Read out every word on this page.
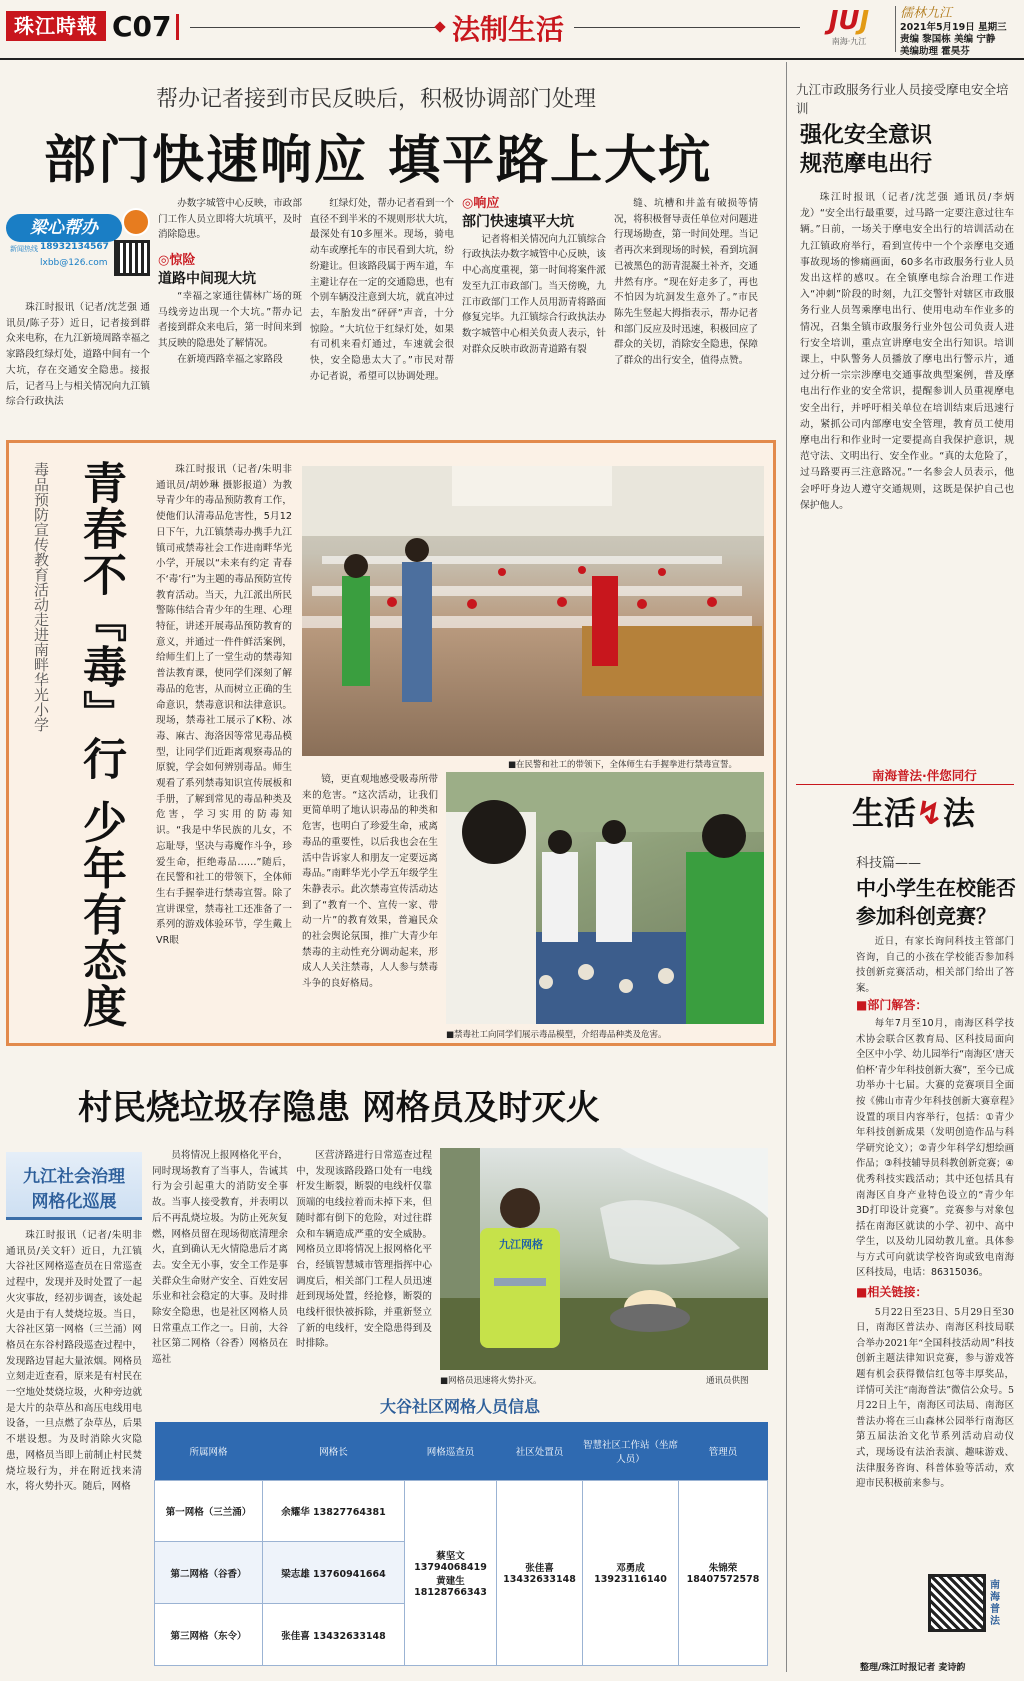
珠江時報 C07	法制生活	JUJ
南海·九江
儒林九江
2021年5月19日 星期三
责编 黎国栋 美编 宁静
美编助理 霍昊芬
帮办记者接到市民反映后，积极协调部门处理
部门快速响应 填平路上大坑
梁心帮办
新闻热线 18932134567
lxbb@126.com

珠江时报讯（记者/沈芝强 通讯员/陈子芬）近日，记者接到群众来电称，在九江新境周路幸福之家路段红绿灯处，道路中间有一个大坑，存在交通安全隐患。接报后，记者马上与相关情况向九江镇综合行政执法

办数字城管中心反映，市政部门工作人员立即将大坑填平，及时消除隐患。

◎惊险
道路中间现大坑

“幸福之家通往儒林广场的斑马线旁边出现一个大坑。”帮办记者接到群众来电后，第一时间来到其反映的隐患处了解情况。

在新境西路幸福之家路段

红绿灯处，帮办记者看到一个直径不到半米的不规则形状大坑，最深处有10多厘米。现场，骑电动车或摩托车的市民看到大坑，纷纷避让。但该路段属于两车道，车主避让存在一定的交通隐患，也有个别车辆没注意到大坑，就直冲过去，车胎发出“砰砰”声音，十分惊险。“大坑位于红绿灯处，如果有司机来看灯通过，车速就会很快，安全隐患太大了。”市民对帮办记者说，希望可以协调处理。

◎响应
部门快速填平大坑

记者将相关情况向九江镇综合行政执法办数字城管中心反映，该中心高度重视，第一时间将案件派发至九江市政部门。当天傍晚，九江市政部门工作人员用沥青将路面修复完毕。九江镇综合行政执法办数字城管中心相关负责人表示，针对群众反映市政沥青道路有裂

缝、坑槽和井盖有破损等情况，将积极督导责任单位对问题进行现场勘查，第一时间处理。当记者再次来到现场的时候，看到坑洞已被黑色的沥青混凝土补齐，交通井然有序。“现在好走多了，再也不怕因为坑洞发生意外了。”市民陈先生竖起大拇指表示，帮办记者和部门反应及时迅速，积极回应了群众的关切，消除安全隐患，保障了群众的出行安全，值得点赞。

九江市政服务行业人员接受摩电安全培训
强化安全意识
规范摩电出行

珠江时报讯（记者/沈芝强 通讯员/李炳龙）“安全出行最重要，过马路一定要注意过往车辆。”日前，一场关于摩电安全出行的培训活动在九江镇政府举行，看到宣传中一个个亲摩电交通事故现场的惨痛画面，60多名市政服务行业人员发出这样的感叹。在全镇摩电综合治理工作进入“冲刺”阶段的时刻，九江交警针对辖区市政服务行业人员驾乘摩电出行、使用电动车作业多的情况，召集全镇市政服务行业外包公司负责人进行安全培训，重点宣讲摩电安全出行知识。培训课上，中队警务人员播放了摩电出行警示片，通过分析一宗宗涉摩电交通事故典型案例，普及摩电出行作业的安全常识，提醒参训人员重视摩电安全出行，并呼吁相关单位在培训结束后迅速行动，紧抓公司内部摩电安全管理，教育员工使用摩电出行和作业时一定要提高自我保护意识，规范守法、文明出行、安全作业。“真的太危险了，过马路要再三注意路况。”一名参会人员表示，他会呼吁身边人遵守交通规则，这既是保护自己也保护他人。

青春不『毒』行 少年有态度
毒品预防宣传教育活动走进南畔华光小学	珠江时报讯（记者/朱明非 通讯员/胡妙琳 摄影报道）为教导青少年的毒品预防教育工作，使他们认清毒品危害性，5月12日下午，九江镇禁毒办携手九江镇司戒禁毒社会工作进南畔华光小学，开展以“未来有约定 青春不‘毒’行”为主题的毒品预防宣传教育活动。当天，九江派出所民警陈伟结合青少年的生理、心理特征，讲述开展毒品预防教育的意义，并通过一件件鲜活案例，给师生们上了一堂生动的禁毒知普法教育课，使同学们深刻了解毒品的危害，从而树立正确的生命意识，禁毒意识和法律意识。现场，禁毒社工展示了K粉、冰毒、麻古、海洛因等常见毒品模型，让同学们近距离观察毒品的原貌，学会如何辨别毒品。师生观看了系列禁毒知识宣传展板和手册，了解到常见的毒品种类及危害，学习实用的防毒知识。“我是中华民族的儿女，不忘耻辱，坚决与毒魔作斗争，珍爱生命，拒绝毒品……”随后，在民警和社工的带领下，全体师生右手握拳进行禁毒宣誓。除了宣讲课堂，禁毒社工还准备了一系列的游戏体验环节，学生戴上VR眼

■在民警和社工的带领下，全体师生右手握拳进行禁毒宣誓。

镜，更直观地感受吸毒所带来的危害。“这次活动，让我们更简单明了地认识毒品的种类和危害，也明白了珍爱生命，戒离毒品的重要性，以后我也会在生活中告诉家人和朋友一定要远离毒品。”南畔华光小学五年级学生朱静表示。此次禁毒宣传活动达到了“教育一个、宣传一家、带动一片”的教育效果，普遍民众的社会舆论氛围，推广大青少年禁毒的主动性充分调动起来，形成人人关注禁毒，人人参与禁毒斗争的良好格局。

■禁毒社工向同学们展示毒品模型，介绍毒品种类及危害。
村民烧垃圾存隐患 网格员及时灭火
九江社会治理
网格化巡展

珠江时报讯（记者/朱明非 通讯员/关文轩）近日，九江镇大谷社区网格巡查员在日常巡查过程中，发现并及时处置了一起火灾事故，经初步调查，该处起火是由于有人焚烧垃圾。当日，大谷社区第一网格（三兰涌）网格员在东谷村路段巡查过程中，发现路边冒起大量浓烟。网格员立刻走近查看，原来是有村民在一空地处焚烧垃圾，火种旁边就是大片的杂草丛和高压电线用电设备，一旦点燃了杂草丛，后果不堪设想。为及时消除火灾隐患，网格员当即上前制止村民焚烧垃圾行为，并在附近找来清水，将火势扑灭。随后，网格

员将情况上报网格化平台，同时现场教育了当事人，告诫其行为会引起重大的消防安全事故。当事人接受教育，并表明以后不再乱烧垃圾。为防止死灰复燃，网格员留在现场彻底清理余火，直到确认无火情隐患后才离去。安全无小事，安全工作是事关群众生命财产安全、百姓安居乐业和社会稳定的大事。及时排除安全隐患，也是社区网格人员日常重点工作之一。日前，大谷社区第二网格（谷香）网格员在巡社

区营济路进行日常巡查过程中，发现该路段路口处有一电线杆发生断裂，断裂的电线杆仅靠顶端的电线拉着而未掉下来，但随时都有倒下的危险，对过往群众和车辆造成严重的安全威胁。网格员立即将情况上报网格化平台，经镇智慧城市管理指挥中心调度后，相关部门工程人员迅速赶到现场处置，经抢修，断裂的电线杆很快被拆除，并重新竖立了新的电线杆，安全隐患得到及时排除。

九江网格
■网格员迅速将火势扑灭。	通讯员供图
大谷社区网格人员信息
所属网格	网格长	网格巡查员	社区处置员	智慧社区工作站（坐席人员）	管理员
第一网格（三兰涌）	余耀华 13827764381	蔡坚文 13794068419 黄建生 18128766343	张佳喜 13432633148	邓勇成 13923116140	朱锦荣 18407572578
第二网格（谷香）	梁志雄 13760941664				
第三网格（东令）	张佳喜 13432633148				
南海普法·伴您同行
生活↯法
科技篇——
中小学生在校能否
参加科创竞赛？

近日，有家长询问科技主管部门咨询，自己的小孩在学校能否参加科技创新竞赛活动，相关部门给出了答案。

■部门解答：

每年7月至10月，南海区科学技术协会联合区教育局、区科技局面向全区中小学、幼儿园举行“南海区‘唐天伯杯’青少年科技创新大赛”，至今已成功举办十七届。大赛的竞赛项目全面按《佛山市青少年科技创新大赛章程》设置的项目内容举行，包括：①青少年科技创新成果（发明创造作品与科学研究论文）；②青少年科学幻想绘画作品；③科技辅导员科教创新竞赛；④优秀科技实践活动；其中还包括具有南海区自身产业特色设立的“青少年3D打印设计竞赛”。竞赛参与对象包括在南海区就读的小学、初中、高中学生，以及幼儿园幼教儿童。具体参与方式可向就读学校咨询或致电南海区科技局，电话：86315036。

■相关链接：

5月22日至23日、5月29日至30日，南海区普法办、南海区科技局联合举办2021年“全国科技活动周”科技创新主题法律知识竞赛，参与游戏答题有机会获得微信红包等丰厚奖品，详情可关注“南海普法”微信公众号。5月22日上午，南海区司法局、南海区普法办将在三山森林公园举行南海区第五届法治文化节系列活动启动仪式，现场设有法治表演、趣味游戏、法律服务咨询、科普体验等活动，欢迎市民积极前来参与。

南海普法
整理/珠江时报记者 麦诗韵
